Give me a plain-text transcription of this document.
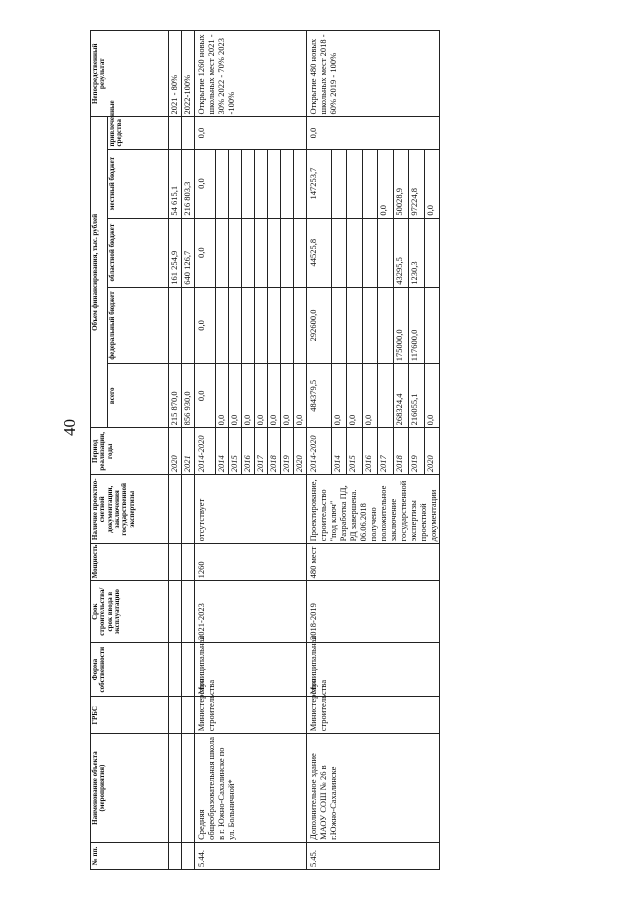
40
№ пп.	Наименование объекта (мероприятия)	ГРБС	Форма собственности	Срок строительства/срок ввода в эксплуатацию	Мощность	Наличие проектно-сметной документации, заключения государственной экспертизы	Период реализации, годы	Объем финансирования, тыс. рублей					Непосредственный результат
								всего	федеральный бюджет	областной бюджет	местный бюджет	привлеченные средства	
							2020	215 870,0		161 254,9	54 615,1		2021 - 80%
							2021	856 930,0		640 126,7	216 803,3		2022-100%
5.44.	Средняя общеобразовательная школа в г. Южно-Сахалинске по ул. Больничной*	Министерство строительства	Муниципальная	2021-2023	1260	отсутствует	2014-2020	0,0	0,0	0,0	0,0	0,0	Открытие 1260 новых школьных мест 2021 - 30% 2022 - 70% 2023 -100%
							2014	0,0					
							2015	0,0					
							2016	0,0					
							2017	0,0					
							2018	0,0					
							2019	0,0					
							2020	0,0					
5.45.	Дополнительное здание МАОУ СОШ № 26 в г.Южно-Сахалинске	Министерство строительства	Муниципальная	2018-2019	480 мест	Проектирование, строительство "под ключ" Разработка ПД, РД завершена. 06.06.2018 получено положительное заключение государственной экспертизы проектной документации	2014-2020	484379,5	292600,0	44525,8	147253,7	0,0	Открытие 480 новых школьных мест 2018 - 60% 2019 - 100%
							2014	0,0					
							2015	0,0					
							2016	0,0					
							2017				0,0		
							2018	268324,4	175000,0	43295,5	50028,9		
							2019	216055,1	117600,0	1230,3	97224,8		
							2020	0,0			0,0		
